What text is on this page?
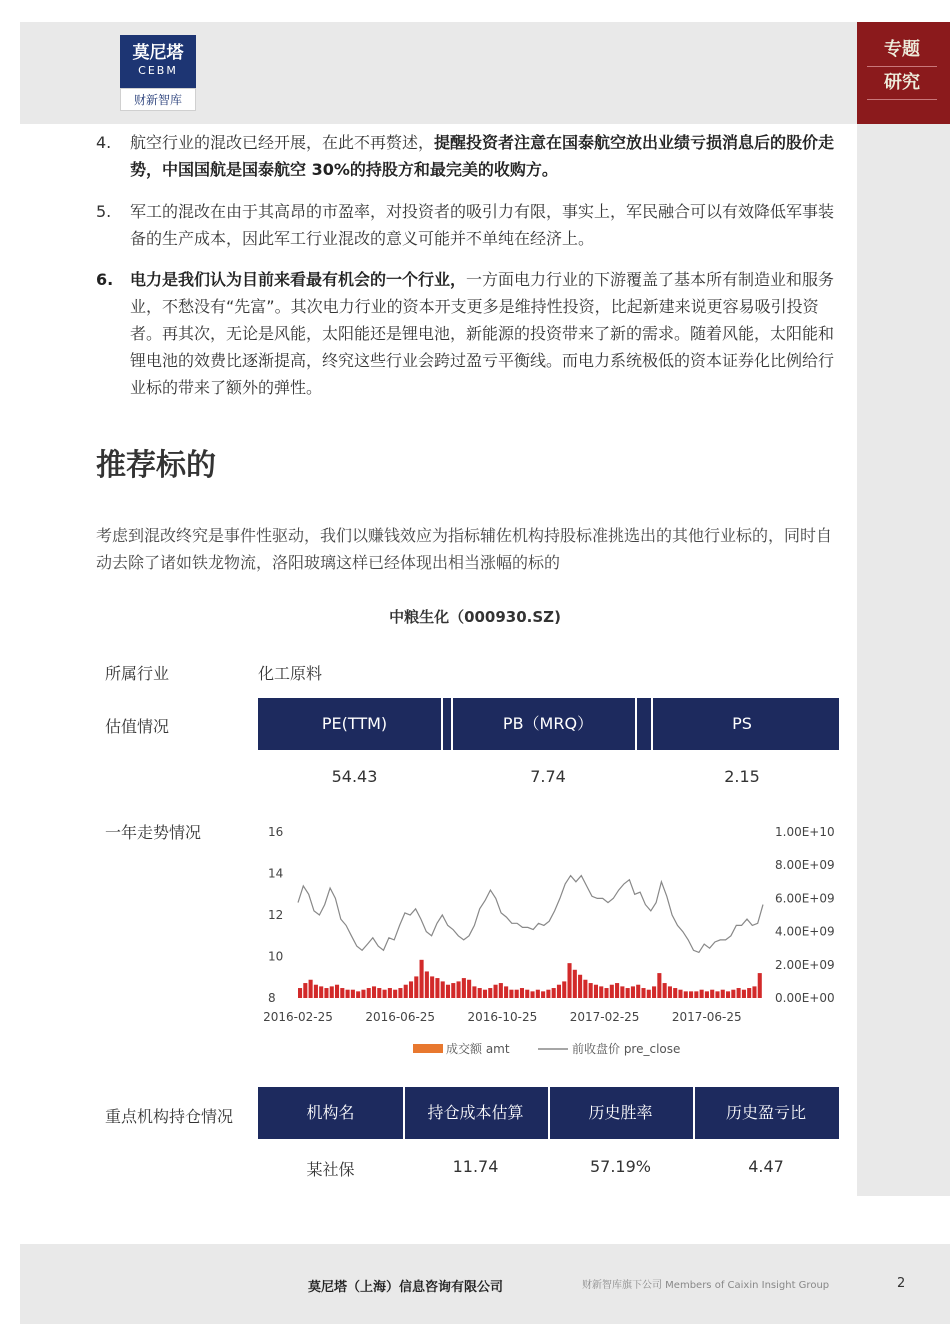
莫尼塔
CEBM
财新智库
专题
研究
4.	航空行业的混改已经开展，在此不再赘述，提醒投资者注意在国泰航空放出业绩亏损消息后的股价走势，中国国航是国泰航空 30%的持股方和最完美的收购方。
5.	军工的混改在由于其高昂的市盈率，对投资者的吸引力有限，事实上，军民融合可以有效降低军事装备的生产成本，因此军工行业混改的意义可能并不单纯在经济上。
6.	电力是我们认为目前来看最有机会的一个行业，一方面电力行业的下游覆盖了基本所有制造业和服务业，不愁没有“先富”。其次电力行业的资本开支更多是维持性投资，比起新建来说更容易吸引投资者。再其次，无论是风能，太阳能还是锂电池，新能源的投资带来了新的需求。随着风能，太阳能和锂电池的效费比逐渐提高，终究这些行业会跨过盈亏平衡线。而电力系统极低的资本证券化比例给行业标的带来了额外的弹性。
推荐标的
考虑到混改终究是事件性驱动，我们以赚钱效应为指标辅佐机构持股标准挑选出的其他行业标的，同时自动去除了诸如铁龙物流，洛阳玻璃这样已经体现出相当涨幅的标的
中粮生化（000930.SZ)
所属行业	化工原料
估值情况	PE(TTM)	PB（MRQ）	PS
54.43	7.74	2.15
一年走势情况	16
14
12
10
8
1.00E+10
8.00E+09
6.00E+09
4.00E+09
2.00E+09
0.00E+00
2016-02-25	2016-06-25	2016-10-25	2017-02-25	2017-06-25
成交额 amt	前收盘价 pre_close
重点机构持仓情况	机构名	持仓成本估算	历史胜率	历史盈亏比
某社保	11.74	57.19%	4.47
莫尼塔（上海）信息咨询有限公司	财新智库旗下公司 Members of Caixin Insight Group	2
